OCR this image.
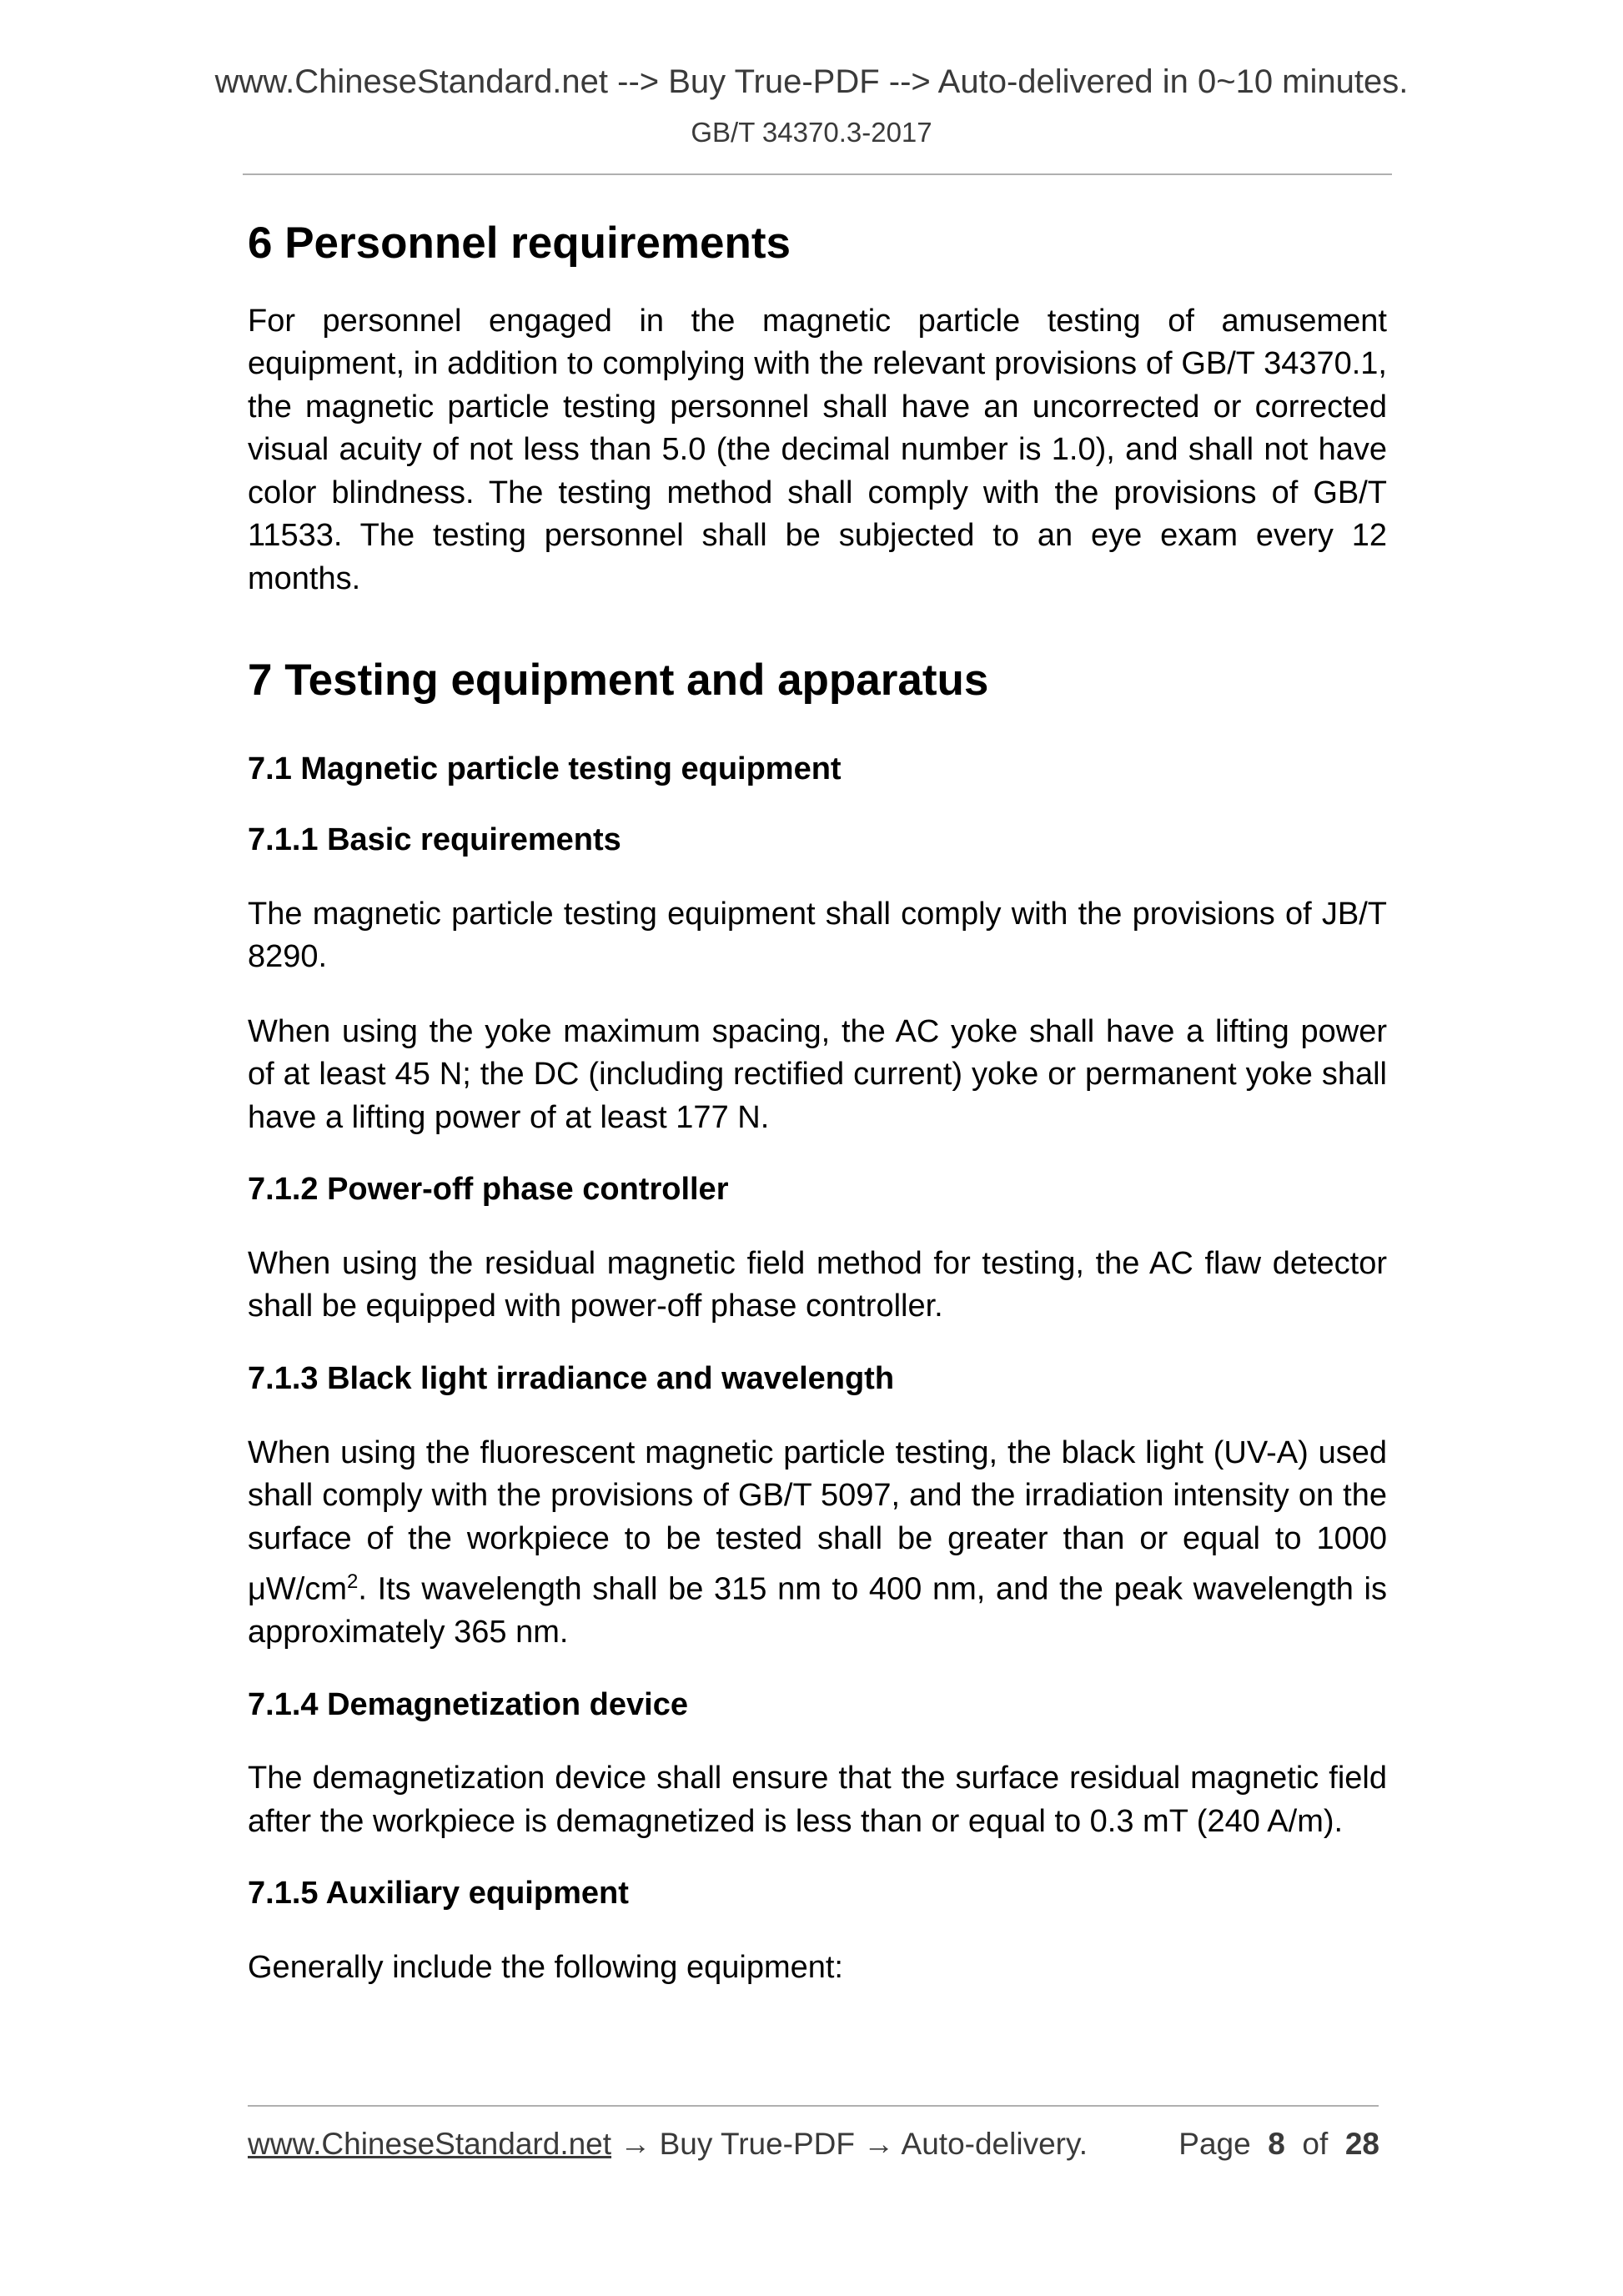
www.ChineseStandard.net --> Buy True-PDF --> Auto-delivered in 0~10 minutes.
GB/T 34370.3-2017
6 Personnel requirements

For personnel engaged in the magnetic particle testing of amusement equipment, in addition to complying with the relevant provisions of GB/T 34370.1, the magnetic particle testing personnel shall have an uncorrected or corrected visual acuity of not less than 5.0 (the decimal number is 1.0), and shall not have color blindness. The testing method shall comply with the provisions of GB/T 11533. The testing personnel shall be subjected to an eye exam every 12 months.

7 Testing equipment and apparatus
7.1 Magnetic particle testing equipment
7.1.1 Basic requirements

The magnetic particle testing equipment shall comply with the provisions of JB/T 8290.

When using the yoke maximum spacing, the AC yoke shall have a lifting power of at least 45 N; the DC (including rectified current) yoke or permanent yoke shall have a lifting power of at least 177 N.

7.1.2 Power-off phase controller

When using the residual magnetic field method for testing, the AC flaw detector shall be equipped with power-off phase controller.

7.1.3 Black light irradiance and wavelength

When using the fluorescent magnetic particle testing, the black light (UV-A) used shall comply with the provisions of GB/T 5097, and the irradiation intensity on the surface of the workpiece to be tested shall be greater than or equal to 1000 $\mu W/cm^2$. Its wavelength shall be 315 nm to 400 nm, and the peak wavelength is approximately 365 nm.

7.1.4 Demagnetization device

The demagnetization device shall ensure that the surface residual magnetic field after the workpiece is demagnetized is less than or equal to 0.3 mT (240 A/m).

7.1.5 Auxiliary equipment

Generally include the following equipment:

www.ChineseStandard.net → Buy True-PDF → Auto-delivery.	Page 8 of 28
